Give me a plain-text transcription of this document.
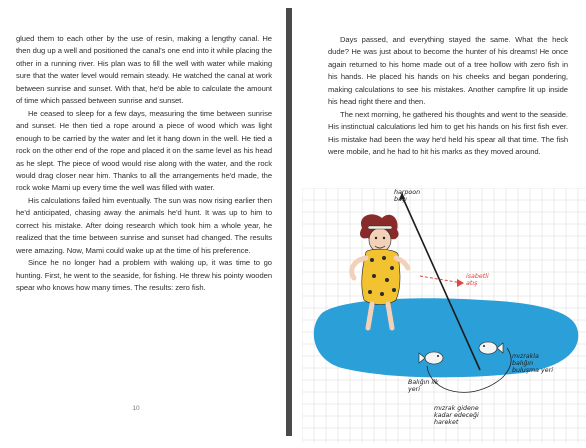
glued them to each other by the use of resin, making a lengthy canal. He then dug up a well and positioned the canal's one end into it while placing the other in a running river. His plan was to fill the well with water while making sure that the water level would remain steady. He watched the canal at work between sunrise and sunset. With that, he'd be able to calculate the amount of time which passed between sunrise and sunset.

He ceased to sleep for a few days, measuring the time between sunrise and sunset. He then tied a rope around a piece of wood which was light enough to be carried by the water and let it hang down in the well. He tied a rock on the other end of the rope and placed it on the same level as his head as he slept. The piece of wood would rise along with the water, and the rock would drag closer near him. Thanks to all the arrangements he'd made, the rock woke Mami up every time the well was filled with water.

His calculations failed him eventually. The sun was now rising earlier then he'd anticipated, chasing away the animals he'd hunt. It was up to him to correct his mistake. After doing research which took him a whole year, he realized that the time between sunrise and sunset had changed. The results were amazing. Now, Mami could wake up at the time of his preference.

Since he no longer had a problem with waking up, it was time to go hunting. First, he went to the seaside, for fishing. He threw his pointy wooden spear who knows how many times. The results: zero fish.

10

Days passed, and everything stayed the same. What the heck dude? He was just about to become the hunter of his dreams! He once again returned to his home made out of a tree hollow with zero fish in his hands. He placed his hands on his cheeks and began pondering, making calculations to see his mistakes. Another campfire lit up inside his head right there and then.

The next morning, he gathered his thoughts and went to the seaside. His instinctual calculations led him to get his hands on his first fish ever. His mistake had been the way he'd held his spear all that time. The fish were mobile, and he had to hit his marks as they moved around.

harpoon başı
isabetli atış
Balığın ilk yeri
mızrakla balığın buluşma yeri
mızrak gidene kadar edeceği hareket
